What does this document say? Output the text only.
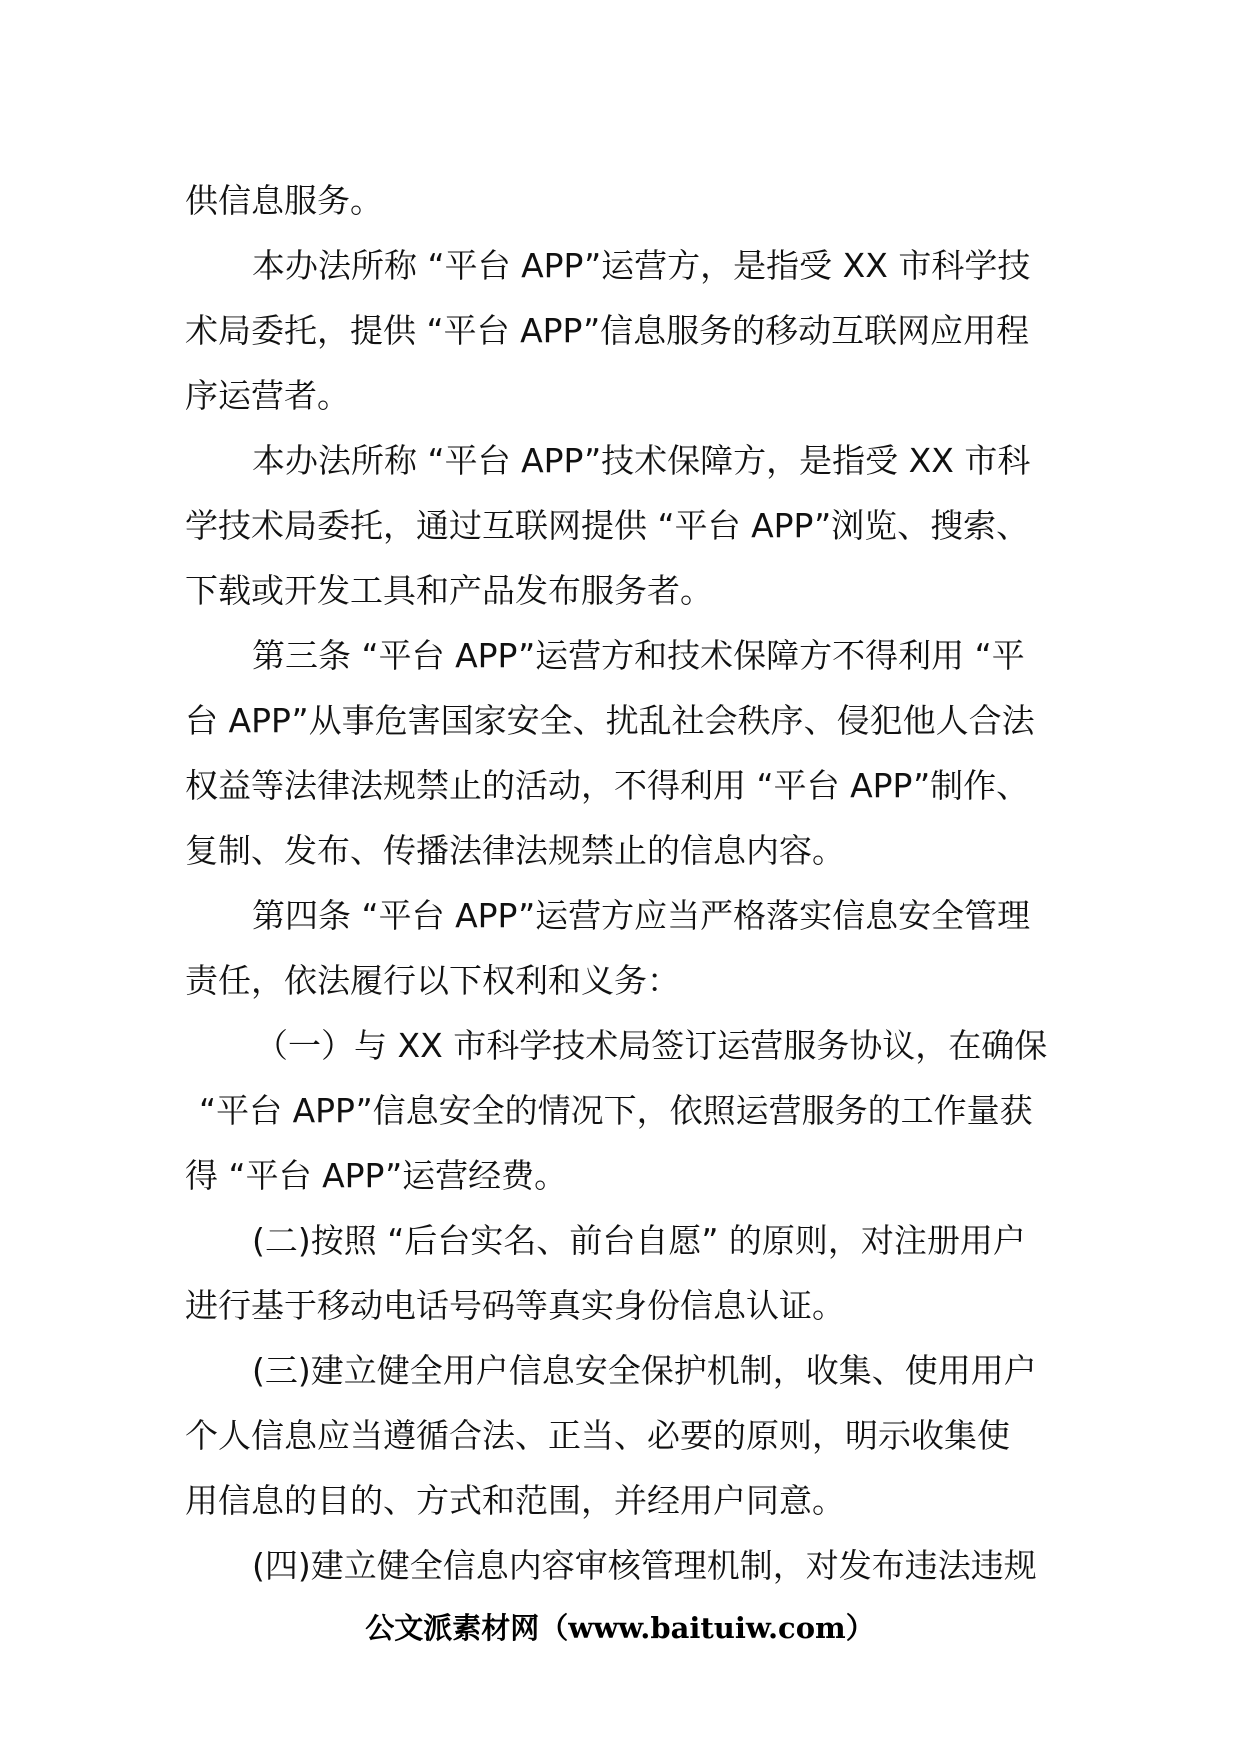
供信息服务。
本办法所称 “平台 APP”运营方，是指受 XX 市科学技
术局委托，提供 “平台 APP”信息服务的移动互联网应用程
序运营者。
本办法所称 “平台 APP”技术保障方，是指受 XX 市科
学技术局委托，通过互联网提供 “平台 APP”浏览、搜索、
下载或开发工具和产品发布服务者。
第三条 “平台 APP”运营方和技术保障方不得利用 “平
台 APP”从事危害国家安全、扰乱社会秩序、侵犯他人合法
权益等法律法规禁止的活动，不得利用 “平台 APP”制作、
复制、发布、传播法律法规禁止的信息内容。
第四条 “平台 APP”运营方应当严格落实信息安全管理
责任，依法履行以下权利和义务：
（一）与 XX 市科学技术局签订运营服务协议，在确保
“平台 APP”信息安全的情况下，依照运营服务的工作量获
得 “平台 APP”运营经费。
(二)按照 “后台实名、前台自愿” 的原则，对注册用户
进行基于移动电话号码等真实身份信息认证。
(三)建立健全用户信息安全保护机制，收集、使用用户
个人信息应当遵循合法、正当、必要的原则，明示收集使
用信息的目的、方式和范围，并经用户同意。
(四)建立健全信息内容审核管理机制，对发布违法违规
公文派素材网（www.baituiw.com）
